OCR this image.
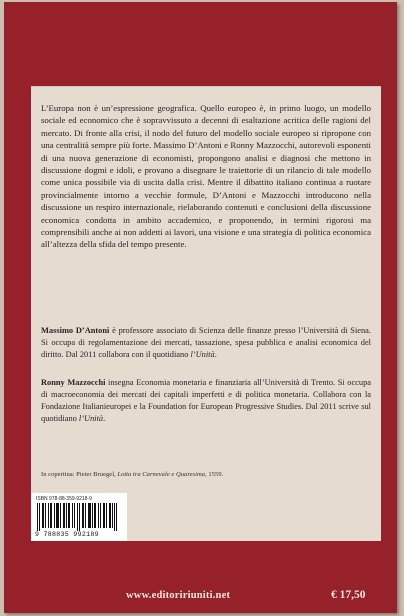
L’Europa non è un’espressione geografica. Quello europeo è, in primo luogo, un modello sociale ed economico che è sopravvissuto a decenni di esaltazione acritica delle ragioni del mercato. Di fronte alla crisi, il nodo del futuro del modello sociale europeo si ripropone con una centralità sempre più forte. Massimo D’Antoni e Ronny Mazzocchi, autorevoli esponenti di una nuova generazione di economisti, propongono analisi e diagnosi che mettono in discussione dogmi e idoli, e provano a disegnare le traiettorie di un rilancio di tale modello come unica possibile via di uscita dalla crisi. Mentre il dibattito italiano continua a ruotare provincialmente intorno a vecchie formule, D’Antoni e Mazzocchi introducono nella discussione un respiro internazionale, rielaborando contenuti e conclusioni della discussione economica condotta in ambito accademico, e proponendo, in termini rigorosi ma comprensibili anche ai non addetti ai lavori, una visione e una strategia di politica economica all’altezza della sfida del tempo presente.

Massimo D’Antoni è professore associato di Scienza delle finanze presso l’Università di Siena. Si occupa di regolamentazione dei mercati, tassazione, spesa pubblica e analisi economica del diritto. Dal 2011 collabora con il quotidiano l’Unità.

Ronny Mazzocchi insegna Economia monetaria e finanziaria all’Università di Trento. Si occupa di macroeconomia dei mercati dei capitali imperfetti e di politica monetaria. Collabora con la Fondazione Italianieuropei e la Foundation for European Progressive Studies. Dal 2011 scrive sul quotidiano l’Unità.

In copertina: Pieter Bruegel, Lotta tra Carnevale e Quaresima, 1559.

ISBN 978-88-359-9218-9
9 788835 992189
www.editoririuniti.net	€ 17,50
